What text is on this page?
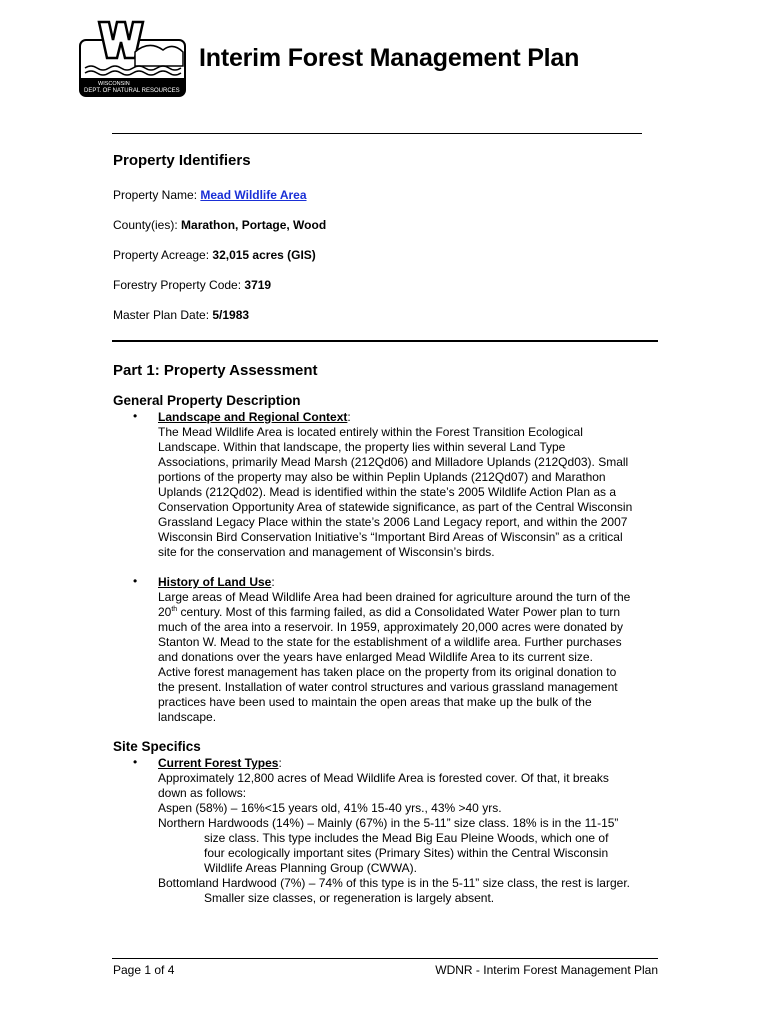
WISCONSIN
DEPT. OF NATURAL RESOURCES
Interim Forest Management Plan
Property Identifiers
Property Name: Mead Wildlife Area
County(ies): Marathon, Portage, Wood
Property Acreage: 32,015 acres (GIS)
Forestry Property Code: 3719
Master Plan Date: 5/1983
Part 1: Property Assessment
General Property Description
• Landscape and Regional Context:

The Mead Wildlife Area is located entirely within the Forest Transition Ecological

Landscape. Within that landscape, the property lies within several Land Type

Associations, primarily Mead Marsh (212Qd06) and Milladore Uplands (212Qd03). Small

portions of the property may also be within Peplin Uplands (212Qd07) and Marathon

Uplands (212Qd02). Mead is identified within the state’s 2005 Wildlife Action Plan as a

Conservation Opportunity Area of statewide significance, as part of the Central Wisconsin

Grassland Legacy Place within the state’s 2006 Land Legacy report, and within the 2007

Wisconsin Bird Conservation Initiative’s “Important Bird Areas of Wisconsin” as a critical

site for the conservation and management of Wisconsin’s birds.

• History of Land Use:

Large areas of Mead Wildlife Area had been drained for agriculture around the turn of the

20th century. Most of this farming failed, as did a Consolidated Water Power plan to turn

much of the area into a reservoir. In 1959, approximately 20,000 acres were donated by

Stanton W. Mead to the state for the establishment of a wildlife area. Further purchases

and donations over the years have enlarged Mead Wildlife Area to its current size.

Active forest management has taken place on the property from its original donation to

the present. Installation of water control structures and various grassland management

practices have been used to maintain the open areas that make up the bulk of the

landscape.

Site Specifics
• Current Forest Types:

Approximately 12,800 acres of Mead Wildlife Area is forested cover. Of that, it breaks

down as follows:

Aspen (58%) – 16%<15 years old, 41% 15-40 yrs., 43% >40 yrs.

Northern Hardwoods (14%) – Mainly (67%) in the 5-11” size class. 18% is in the 11-15”

size class. This type includes the Mead Big Eau Pleine Woods, which one of

four ecologically important sites (Primary Sites) within the Central Wisconsin

Wildlife Areas Planning Group (CWWA).

Bottomland Hardwood (7%) – 74% of this type is in the 5-11” size class, the rest is larger.

Smaller size classes, or regeneration is largely absent.

Page 1 of 4	WDNR - Interim Forest Management Plan
